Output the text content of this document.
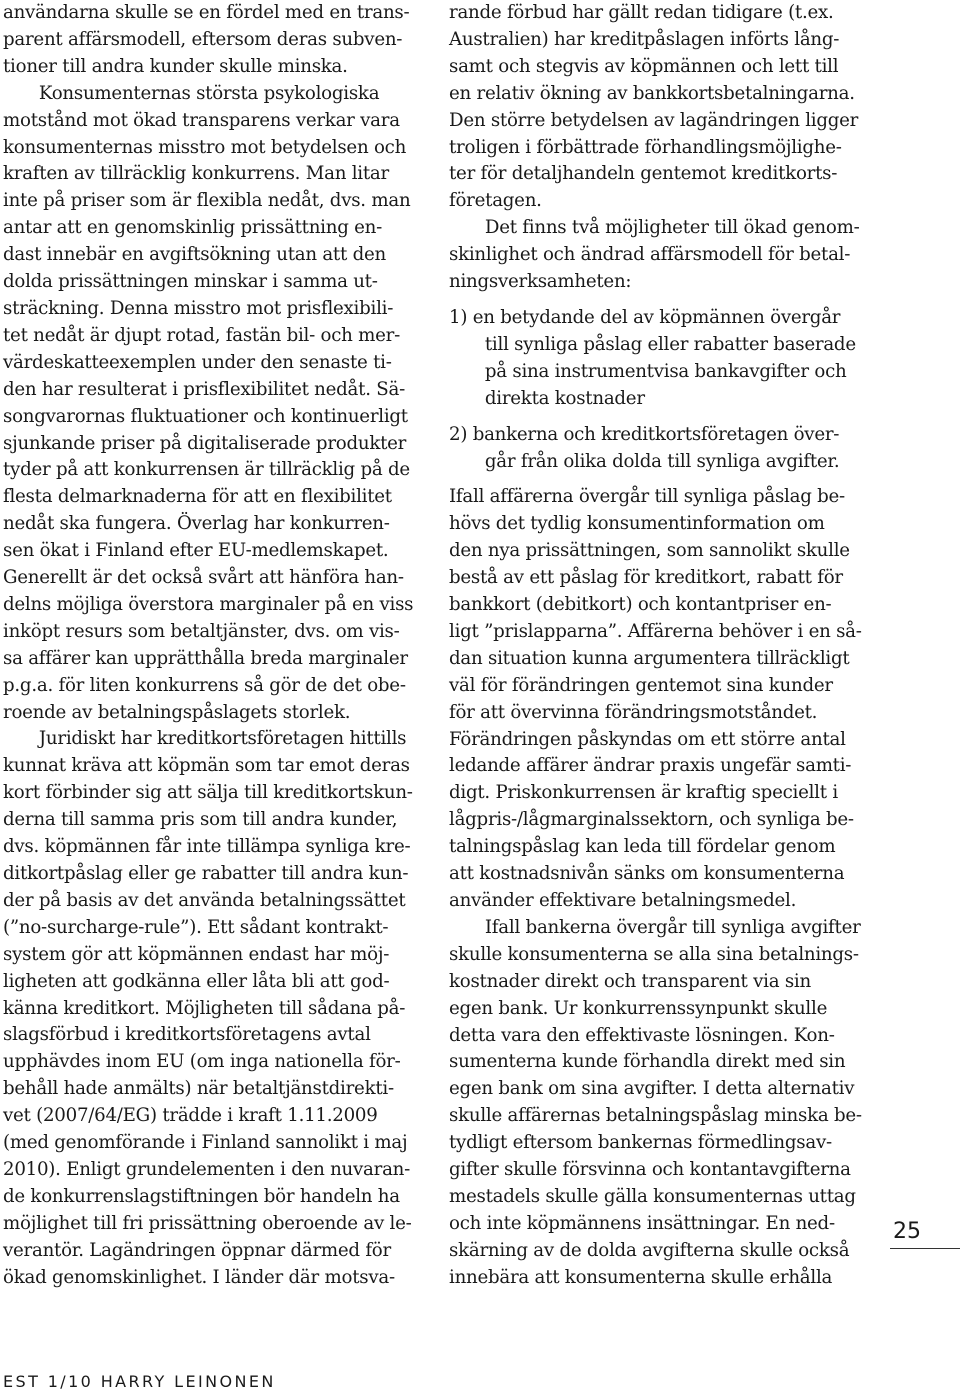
användarna skulle se en fördel med en trans-
parent affärsmodell, eftersom deras subven-
tioner till andra kunder skulle minska.
  Konsumenternas största psykologiska
motstånd mot ökad transparens verkar vara
konsumenternas misstro mot betydelsen och
kraften av tillräcklig konkurrens. Man litar
inte på priser som är flexibla nedåt, dvs. man
antar att en genomskinlig prissättning en-
dast innebär en avgiftsökning utan att den
dolda prissättningen minskar i samma ut-
sträckning. Denna misstro mot prisflexibili-
tet nedåt är djupt rotad, fastän bil- och mer-
värdeskatteexemplen under den senaste ti-
den har resulterat i prisflexibilitet nedåt. Sä-
songvarornas fluktuationer och kontinuerligt
sjunkande priser på digitaliserade produkter
tyder på att konkurrensen är tillräcklig på de
flesta delmarknaderna för att en flexibilitet
nedåt ska fungera. Överlag har konkurren-
sen ökat i Finland efter EU-medlemskapet.
Generellt är det också svårt att hänföra han-
delns möjliga överstora marginaler på en viss
inköpt resurs som betaltjänster, dvs. om vis-
sa affärer kan upprätthålla breda marginaler
p.g.a. för liten konkurrens så gör de det obe-
roende av betalningspåslagets storlek.
  Juridiskt har kreditkortsföretagen hittills
kunnat kräva att köpmän som tar emot deras
kort förbinder sig att sälja till kreditkortskun-
derna till samma pris som till andra kunder,
dvs. köpmännen får inte tillämpa synliga kre-
ditkortpåslag eller ge rabatter till andra kun-
der på basis av det använda betalningssättet
(”no-surcharge-rule”). Ett sådant kontrakt-
system gör att köpmännen endast har möj-
ligheten att godkänna eller låta bli att god-
känna kreditkort. Möjligheten till sådana på-
slagsförbud i kreditkortsföretagens avtal
upphävdes inom EU (om inga nationella för-
behåll hade anmälts) när betaltjänstdirekti-
vet (2007/64/EG) trädde i kraft 1.11.2009
(med genomförande i Finland sannolikt i maj
2010). Enligt grundelementen i den nuvaran-
de konkurrenslagstiftningen bör handeln ha
möjlighet till fri prissättning oberoende av le-
verantör. Lagändringen öppnar därmed för
ökad genomskinlighet. I länder där motsva-
rande förbud har gällt redan tidigare (t.ex.
Australien) har kreditpåslagen införts lång-
samt och stegvis av köpmännen och lett till
en relativ ökning av bankkortsbetalningarna.
Den större betydelsen av lagändringen ligger
troligen i förbättrade förhandlingsmöjlighe-
ter för detaljhandeln gentemot kreditkorts-
företagen.
  Det finns två möjligheter till ökad genom-
skinlighet och ändrad affärsmodell för betal-
ningsverksamheten:
1) en betydande del av köpmännen övergår
  till synliga påslag eller rabatter baserade
  på sina instrumentvisa bankavgifter och
  direkta kostnader
2) bankerna och kreditkortsföretagen över-
  går från olika dolda till synliga avgifter.
Ifall affärerna övergår till synliga påslag be-
hövs det tydlig konsumentinformation om
den nya prissättningen, som sannolikt skulle
bestå av ett påslag för kreditkort, rabatt för
bankkort (debitkort) och kontantpriser en-
ligt ”prislapparna”. Affärerna behöver i en så-
dan situation kunna argumentera tillräckligt
väl för förändringen gentemot sina kunder
för att övervinna förändringsmotståndet.
Förändringen påskyndas om ett större antal
ledande affärer ändrar praxis ungefär samti-
digt. Priskonkurrensen är kraftig speciellt i
lågpris-/lågmarginalssektorn, och synliga be-
talningspåslag kan leda till fördelar genom
att kostnadsnivån sänks om konsumenterna
använder effektivare betalningsmedel.
  Ifall bankerna övergår till synliga avgifter
skulle konsumenterna se alla sina betalnings-
kostnader direkt och transparent via sin
egen bank. Ur konkurrenssynpunkt skulle
detta vara den effektivaste lösningen. Kon-
sumenterna kunde förhandla direkt med sin
egen bank om sina avgifter. I detta alternativ
skulle affärernas betalningspåslag minska be-
tydligt eftersom bankernas förmedlingsav-
gifter skulle försvinna och kontantavgifterna
mestadels skulle gälla konsumenternas uttag
och inte köpmännens insättningar. En ned-
skärning av de dolda avgifterna skulle också
innebära att konsumenterna skulle erhålla
25
EST 1/10 HARRY LEINONEN
